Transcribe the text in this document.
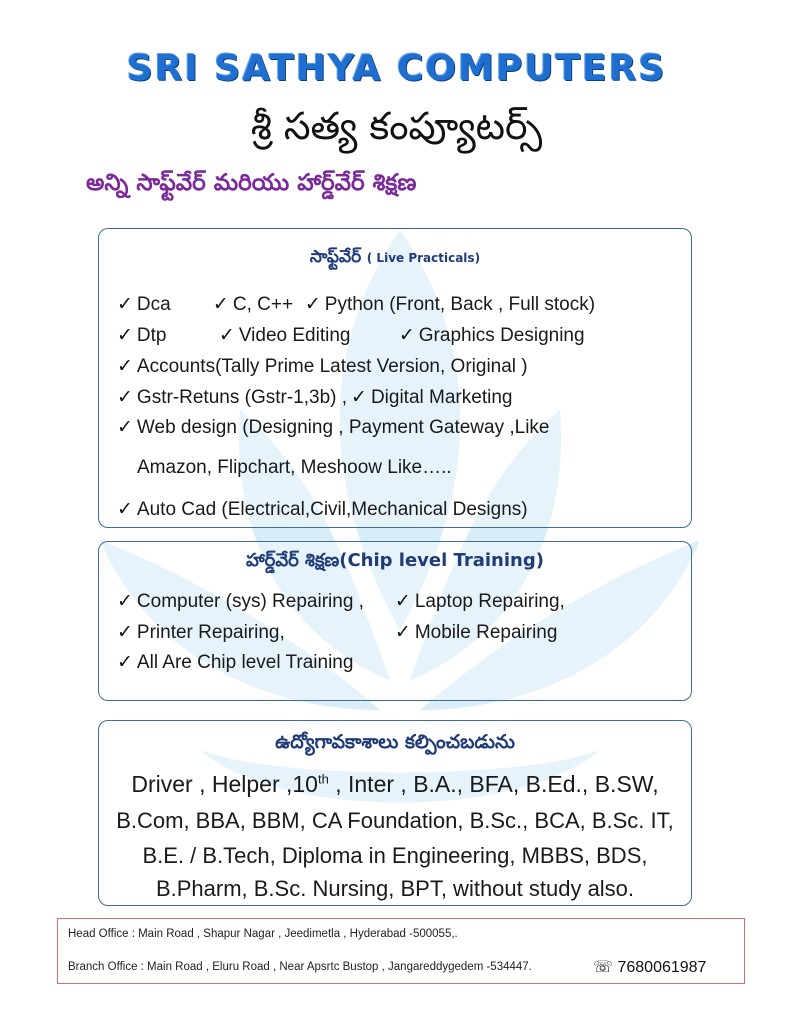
SRI SATHYA COMPUTERS
శ్రీ సత్య కంప్యూటర్స్
అన్ని సాఫ్ట్‌వేర్ మరియు హార్డ్‌వేర్ శిక్షణ
సాఫ్ట్‌వేర్ ( Live Practicals)
✓ Dca ✓ C, C++ ✓ Python (Front, Back , Full stock)
✓ Dtp	✓ Video Editing	✓ Graphics Designing
✓ Accounts(Tally Prime Latest Version, Original )
✓ Gstr-Retuns (Gstr-1,3b) , ✓ Digital Marketing
✓ Web design (Designing , Payment Gateway ,Like
Amazon, Flipchart, Meshoow Like…..
✓ Auto Cad (Electrical,Civil,Mechanical Designs)
హార్డ్‌వేర్ శిక్షణ(Chip level Training)
✓ Computer (sys) Repairing , ✓ Laptop Repairing,
✓ Printer Repairing,	✓ Mobile Repairing
✓ All Are Chip level Training
ఉద్యోగావకాశాలు కల్పించబడును
Driver , Helper ,10th , Inter , B.A., BFA, B.Ed., B.SW,
B.Com, BBA, BBM, CA Foundation, B.Sc., BCA, B.Sc. IT,
B.E. / B.Tech, Diploma in Engineering, MBBS, BDS,
B.Pharm, B.Sc. Nursing, BPT, without study also.
Head Office : Main Road , Shapur Nagar , Jeedimetla , Hyderabad -500055,.
Branch Office : Main Road , Eluru Road , Near Apsrtc Bustop , Jangareddygedem -534447.	☏ 7680061987
